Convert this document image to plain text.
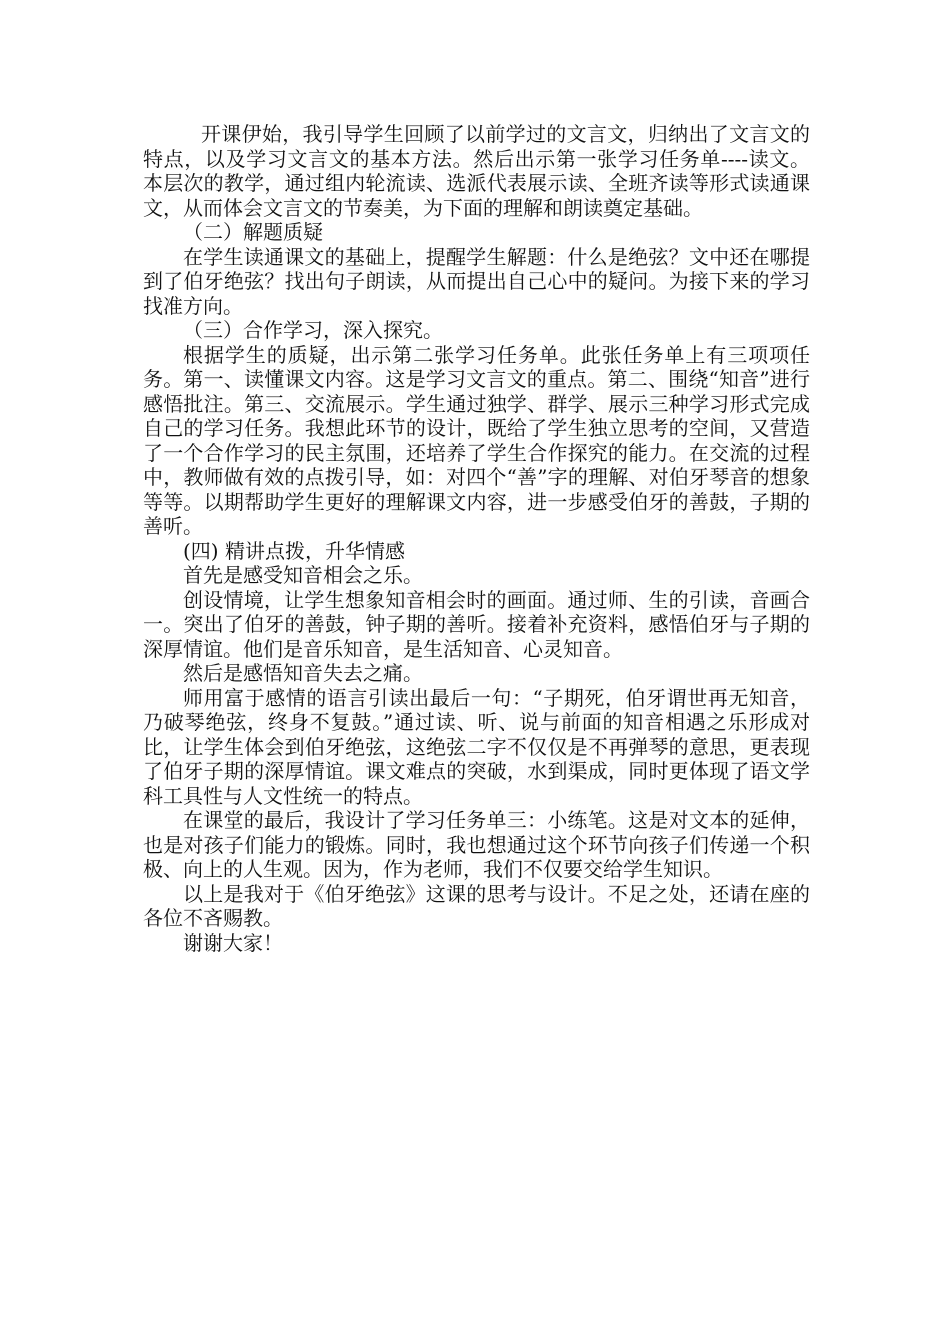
开课伊始，我引导学生回顾了以前学过的文言文，归纳出了文言文的特点，以及学习文言文的基本方法。然后出示第一张学习任务单----读文。本层次的教学，通过组内轮流读、选派代表展示读、全班齐读等形式读通课文，从而体会文言文的节奏美，为下面的理解和朗读奠定基础。

（二）解题质疑

在学生读通课文的基础上，提醒学生解题：什么是绝弦？文中还在哪提到了伯牙绝弦？找出句子朗读，从而提出自己心中的疑问。为接下来的学习找准方向。

（三）合作学习，深入探究。

根据学生的质疑，出示第二张学习任务单。此张任务单上有三项项任务。第一、读懂课文内容。这是学习文言文的重点。第二、围绕“知音”进行感悟批注。第三、交流展示。学生通过独学、群学、展示三种学习形式完成自己的学习任务。我想此环节的设计，既给了学生独立思考的空间，又营造了一个合作学习的民主氛围，还培养了学生合作探究的能力。在交流的过程中，教师做有效的点拨引导，如：对四个“善”字的理解、对伯牙琴音的想象等等。以期帮助学生更好的理解课文内容，进一步感受伯牙的善鼓，子期的善听。

(四) 精讲点拨，升华情感

首先是感受知音相会之乐。

创设情境，让学生想象知音相会时的画面。通过师、生的引读，音画合一。突出了伯牙的善鼓，钟子期的善听。接着补充资料，感悟伯牙与子期的深厚情谊。他们是音乐知音，是生活知音、心灵知音。

然后是感悟知音失去之痛。

师用富于感情的语言引读出最后一句：“子期死，伯牙谓世再无知音，乃破琴绝弦，终身不复鼓。”通过读、听、说与前面的知音相遇之乐形成对比，让学生体会到伯牙绝弦，这绝弦二字不仅仅是不再弹琴的意思，更表现了伯牙子期的深厚情谊。课文难点的突破，水到渠成，同时更体现了语文学科工具性与人文性统一的特点。

在课堂的最后，我设计了学习任务单三：小练笔。这是对文本的延伸，也是对孩子们能力的锻炼。同时，我也想通过这个环节向孩子们传递一个积极、向上的人生观。因为，作为老师，我们不仅要交给学生知识。

以上是我对于《伯牙绝弦》这课的思考与设计。不足之处，还请在座的各位不吝赐教。

谢谢大家！
